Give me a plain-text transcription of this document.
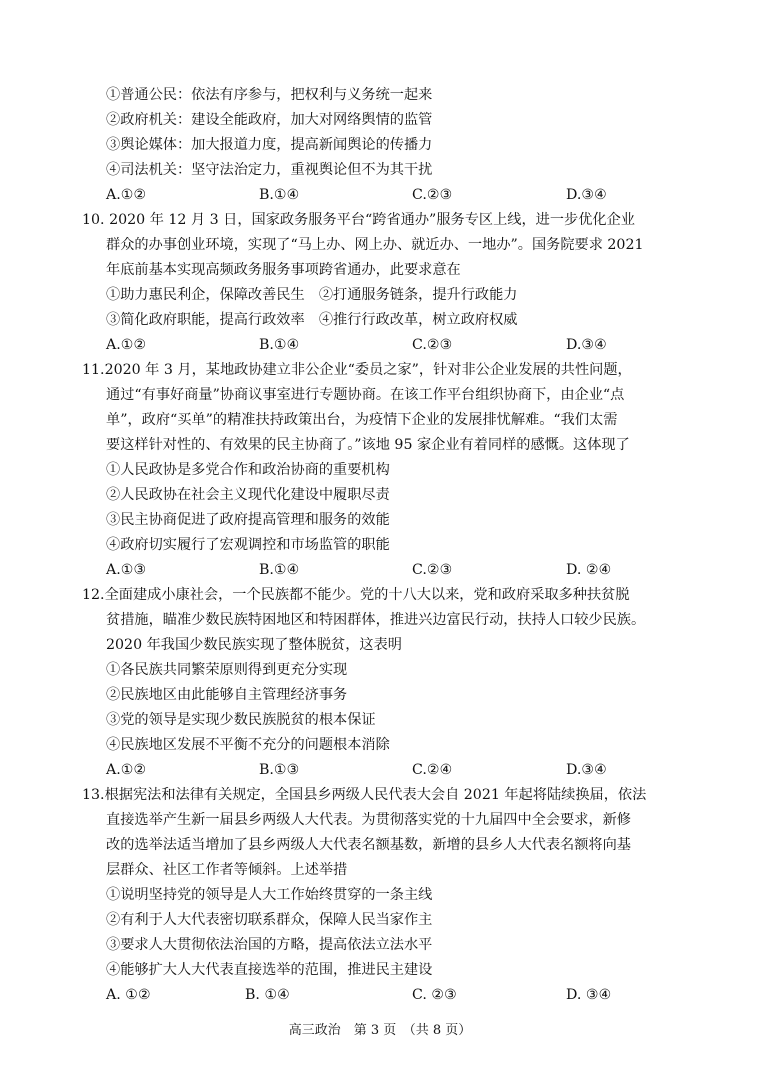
①普通公民：依法有序参与，把权利与义务统一起来
②政府机关：建设全能政府，加大对网络舆情的监管
③舆论媒体：加大报道力度，提高新闻舆论的传播力
④司法机关：坚守法治定力，重视舆论但不为其干扰
A.①②	B.①④	C.②③	D.③④
10. 2020 年 12 月 3 日，国家政务服务平台“跨省通办”服务专区上线，进一步优化企业
群众的办事创业环境，实现了“马上办、网上办、就近办、一地办”。国务院要求 2021
年底前基本实现高频政务服务事项跨省通办，此要求意在
①助力惠民利企，保障改善民生　②打通服务链条，提升行政能力
③简化政府职能，提高行政效率　④推行行政改革，树立政府权威
A.①②	B.①④	C.②③	D.③④
11.2020 年 3 月，某地政协建立非公企业“委员之家”，针对非公企业发展的共性问题，
通过“有事好商量”协商议事室进行专题协商。在该工作平台组织协商下，由企业“点
单”，政府“买单”的精准扶持政策出台，为疫情下企业的发展排忧解难。“我们太需
要这样针对性的、有效果的民主协商了。”该地 95 家企业有着同样的感慨。这体现了
①人民政协是多党合作和政治协商的重要机构
②人民政协在社会主义现代化建设中履职尽责
③民主协商促进了政府提高管理和服务的效能
④政府切实履行了宏观调控和市场监管的职能
A.①③	B.①④	C.②③	D. ②④
12.全面建成小康社会，一个民族都不能少。党的十八大以来，党和政府采取多种扶贫脱
贫措施，瞄准少数民族特困地区和特困群体，推进兴边富民行动，扶持人口较少民族。
2020 年我国少数民族实现了整体脱贫，这表明
①各民族共同繁荣原则得到更充分实现
②民族地区由此能够自主管理经济事务
③党的领导是实现少数民族脱贫的根本保证
④民族地区发展不平衡不充分的问题根本消除
A.①②	B.①③	C.②④	D.③④
13.根据宪法和法律有关规定，全国县乡两级人民代表大会自 2021 年起将陆续换届，依法
直接选举产生新一届县乡两级人大代表。为贯彻落实党的十九届四中全会要求，新修
改的选举法适当增加了县乡两级人大代表名额基数，新增的县乡人大代表名额将向基
层群众、社区工作者等倾斜。上述举措
①说明坚持党的领导是人大工作始终贯穿的一条主线
②有利于人大代表密切联系群众，保障人民当家作主
③要求人大贯彻依法治国的方略，提高依法立法水平
④能够扩大人大代表直接选举的范围，推进民主建设
A. ①②	B. ①④	C. ②③	D. ③④
高三政治　第 3 页　（共 8 页）
